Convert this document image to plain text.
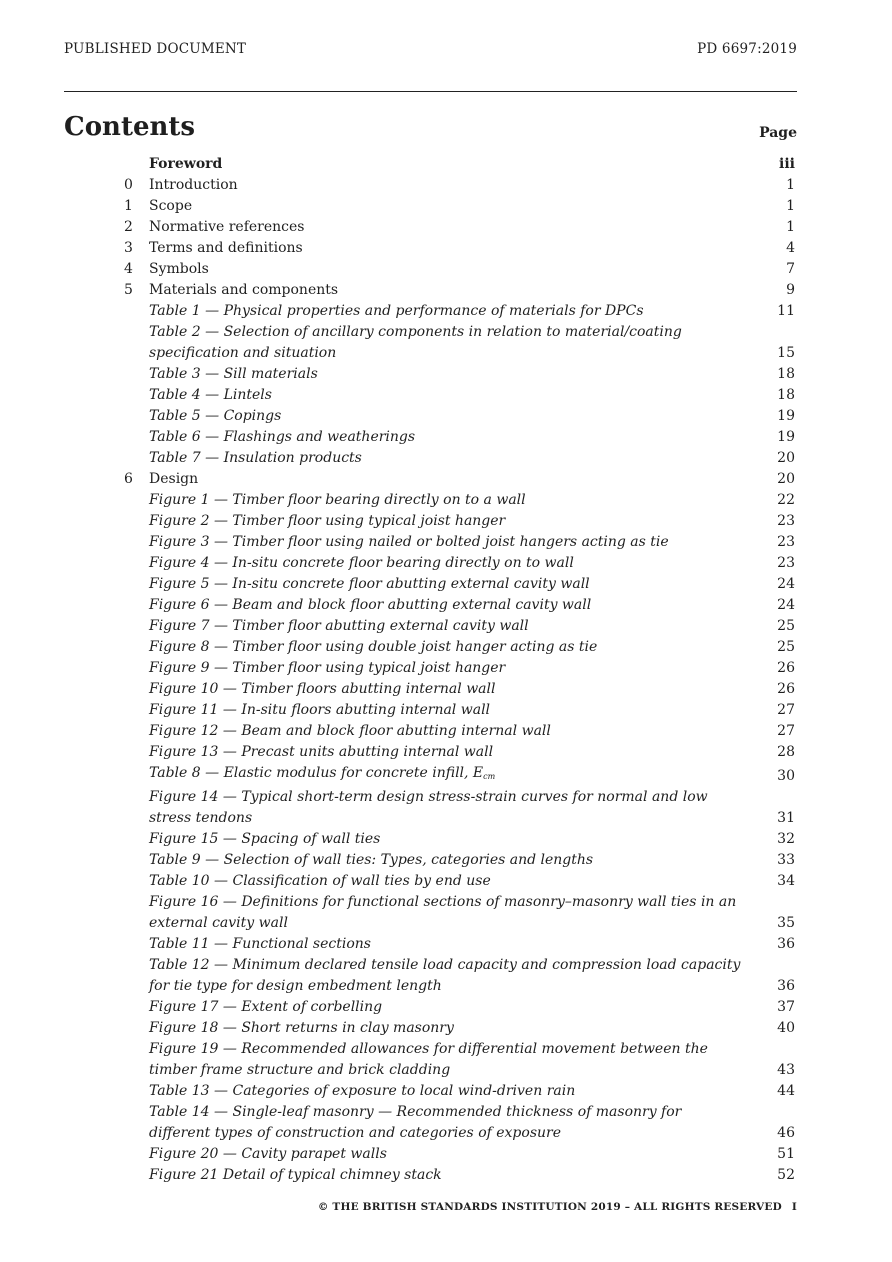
PUBLISHED DOCUMENT	PD 6697:2019
Contents	Page
Foreword	iii
0 Introduction	1
1 Scope	1
2 Normative references	1
3 Terms and definitions	4
4 Symbols	7
5 Materials and components	9
Table 1 — Physical properties and performance of materials for DPCs	11
Table 2 — Selection of ancillary components in relation to material/coating specification and situation	15
Table 3 — Sill materials	18
Table 4 — Lintels	18
Table 5 — Copings	19
Table 6 — Flashings and weatherings	19
Table 7 — Insulation products	20
6 Design	20
Figure 1 — Timber floor bearing directly on to a wall	22
Figure 2 — Timber floor using typical joist hanger	23
Figure 3 — Timber floor using nailed or bolted joist hangers acting as tie	23
Figure 4 — In-situ concrete floor bearing directly on to wall	23
Figure 5 — In-situ concrete floor abutting external cavity wall	24
Figure 6 — Beam and block floor abutting external cavity wall	24
Figure 7 — Timber floor abutting external cavity wall	25
Figure 8 — Timber floor using double joist hanger acting as tie	25
Figure 9 — Timber floor using typical joist hanger	26
Figure 10 — Timber floors abutting internal wall	26
Figure 11 — In-situ floors abutting internal wall	27
Figure 12 — Beam and block floor abutting internal wall	27
Figure 13 — Precast units abutting internal wall	28
Table 8 — Elastic modulus for concrete infill, $E_{cm}$	30
Figure 14 — Typical short-term design stress-strain curves for normal and low stress tendons	31
Figure 15 — Spacing of wall ties	32
Table 9 — Selection of wall ties: Types, categories and lengths	33
Table 10 — Classification of wall ties by end use	34
Figure 16 — Definitions for functional sections of masonry–masonry wall ties in an external cavity wall	35
Table 11 — Functional sections	36
Table 12 — Minimum declared tensile load capacity and compression load capacity for tie type for design embedment length	36
Figure 17 — Extent of corbelling	37
Figure 18 — Short returns in clay masonry	40
Figure 19 — Recommended allowances for differential movement between the timber frame structure and brick cladding	43
Table 13 — Categories of exposure to local wind-driven rain	44
Table 14 — Single-leaf masonry — Recommended thickness of masonry for different types of construction and categories of exposure	46
Figure 20 — Cavity parapet walls	51
Figure 21 Detail of typical chimney stack	52
© THE BRITISH STANDARDS INSTITUTION 2019 – ALL RIGHTS RESERVED I
